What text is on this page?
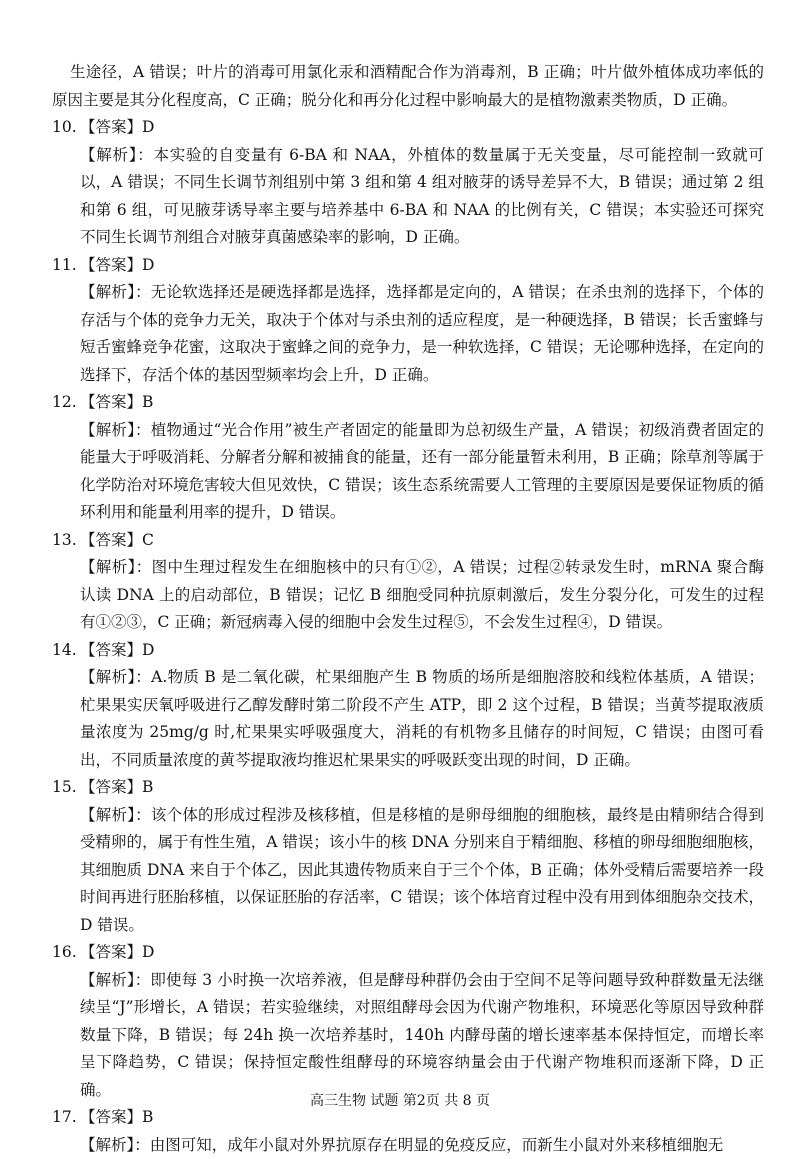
生途径，A 错误；叶片的消毒可用氯化汞和酒精配合作为消毒剂，B 正确；叶片做外植体成功率低的原因主要是其分化程度高，C 正确；脱分化和再分化过程中影响最大的是植物激素类物质，D 正确。

10. 【答案】D

【解析】：本实验的自变量有 6-BA 和 NAA，外植体的数量属于无关变量，尽可能控制一致就可以，A 错误；不同生长调节剂组别中第 3 组和第 4 组对腋芽的诱导差异不大，B 错误；通过第 2 组和第 6 组，可见腋芽诱导率主要与培养基中 6-BA 和 NAA 的比例有关，C 错误；本实验还可探究不同生长调节剂组合对腋芽真菌感染率的影响，D 正确。

11. 【答案】D

【解析】：无论软选择还是硬选择都是选择，选择都是定向的，A 错误；在杀虫剂的选择下，个体的存活与个体的竞争力无关，取决于个体对与杀虫剂的适应程度，是一种硬选择，B 错误；长舌蜜蜂与短舌蜜蜂竞争花蜜，这取决于蜜蜂之间的竞争力，是一种软选择，C 错误；无论哪种选择，在定向的选择下，存活个体的基因型频率均会上升，D 正确。

12. 【答案】B

【解析】：植物通过“光合作用”被生产者固定的能量即为总初级生产量，A 错误；初级消费者固定的能量大于呼吸消耗、分解者分解和被捕食的能量，还有一部分能量暂未利用，B 正确；除草剂等属于化学防治对环境危害较大但见效快，C 错误；该生态系统需要人工管理的主要原因是要保证物质的循环利用和能量利用率的提升，D 错误。

13. 【答案】C

【解析】：图中生理过程发生在细胞核中的只有①②，A 错误；过程②转录发生时，mRNA 聚合酶认读 DNA 上的启动部位，B 错误；记忆 B 细胞受同种抗原刺激后，发生分裂分化，可发生的过程有①②③，C 正确；新冠病毒入侵的细胞中会发生过程⑤，不会发生过程④，D 错误。

14. 【答案】D

【解析】：A.物质 B 是二氧化碳，杧果细胞产生 B 物质的场所是细胞溶胶和线粒体基质，A 错误；杧果果实厌氧呼吸进行乙醇发酵时第二阶段不产生 ATP，即 2 这个过程，B 错误；当黄芩提取液质量浓度为 25mg/g 时,杧果果实呼吸强度大，消耗的有机物多且储存的时间短，C 错误；由图可看出，不同质量浓度的黄芩提取液均推迟杧果果实的呼吸跃变出现的时间，D 正确。

15. 【答案】B

【解析】：该个体的形成过程涉及核移植，但是移植的是卵母细胞的细胞核，最终是由精卵结合得到受精卵的，属于有性生殖，A 错误；该小牛的核 DNA 分别来自于精细胞、移植的卵母细胞细胞核，其细胞质 DNA 来自于个体乙，因此其遗传物质来自于三个个体，B 正确；体外受精后需要培养一段时间再进行胚胎移植，以保证胚胎的存活率，C 错误；该个体培育过程中没有用到体细胞杂交技术，D 错误。

16. 【答案】D

【解析】：即使每 3 小时换一次培养液，但是酵母种群仍会由于空间不足等问题导致种群数量无法继续呈“J”形增长，A 错误；若实验继续，对照组酵母会因为代谢产物堆积，环境恶化等原因导致种群数量下降，B 错误；每 24h 换一次培养基时，140h 内酵母菌的增长速率基本保持恒定，而增长率呈下降趋势，C 错误；保持恒定酸性组酵母的环境容纳量会由于代谢产物堆积而逐渐下降，D 正确。

17. 【答案】B

【解析】：由图可知，成年小鼠对外界抗原存在明显的免疫反应，而新生小鼠对外来移植细胞无

高三生物 试题 第2页 共 8 页
